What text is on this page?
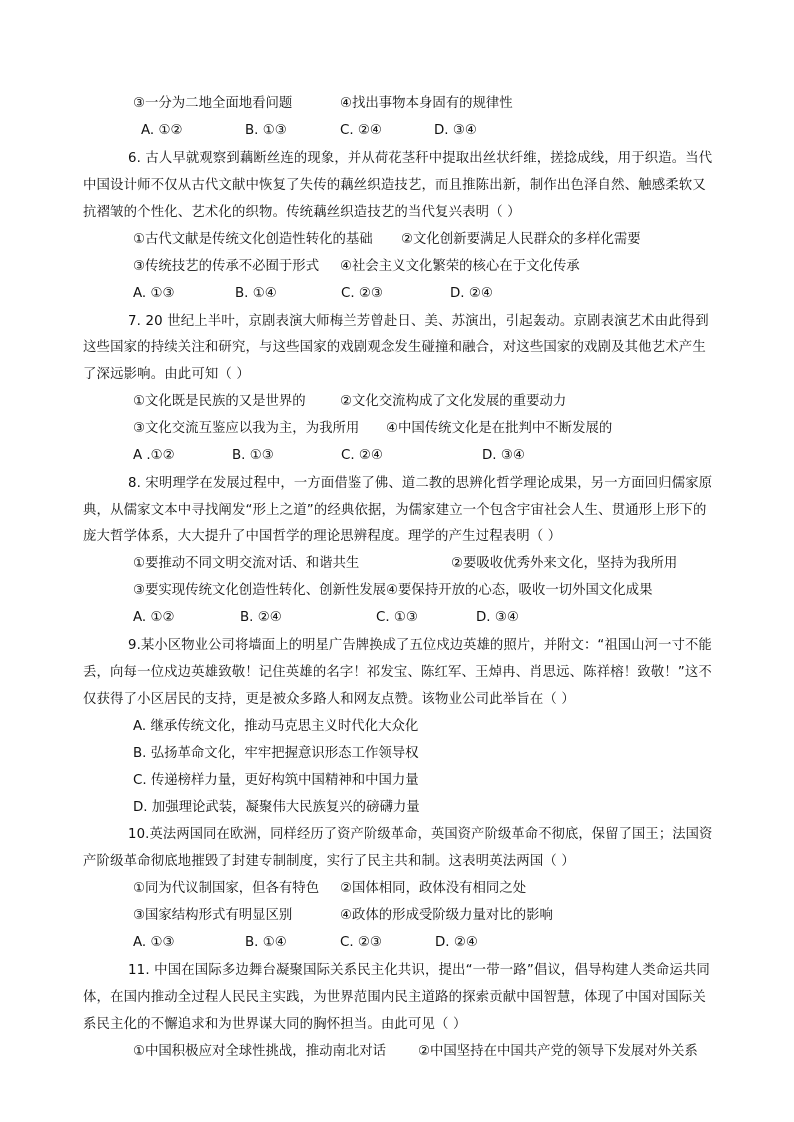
③一分为二地全面地看问题	④找出事物本身固有的规律性
A. ①②	B. ①③	C. ②④	D. ③④
6. 古人早就观察到藕断丝连的现象，并从荷花茎秆中提取出丝状纤维，搓捻成线，用于织造。当代
中国设计师不仅从古代文献中恢复了失传的藕丝织造技艺，而且推陈出新，制作出色泽自然、触感柔软又
抗褶皱的个性化、艺术化的织物。传统藕丝织造技艺的当代复兴表明（ ）
①古代文献是传统文化创造性转化的基础 ②文化创新要满足人民群众的多样化需要
③传统技艺的传承不必囿于形式 ④社会主义文化繁荣的核心在于文化传承
A. ①③	B. ①④	C. ②③	D. ②④
7. 20 世纪上半叶，京剧表演大师梅兰芳曾赴日、美、苏演出，引起轰动。京剧表演艺术由此得到
这些国家的持续关注和研究，与这些国家的戏剧观念发生碰撞和融合，对这些国家的戏剧及其他艺术产生
了深远影响。由此可知（ ）
①文化既是民族的又是世界的	②文化交流构成了文化发展的重要动力
③文化交流互鉴应以我为主，为我所用 ④中国传统文化是在批判中不断发展的
A .①②	B. ①③	C. ②④	D. ③④
8. 宋明理学在发展过程中，一方面借鉴了佛、道二教的思辨化哲学理论成果，另一方面回归儒家原
典，从儒家文本中寻找阐发“形上之道”的经典依据，为儒家建立一个包含宇宙社会人生、贯通形上形下的
庞大哲学体系，大大提升了中国哲学的理论思辨程度。理学的产生过程表明（ ）
①要推动不同文明交流对话、和谐共生	②要吸收优秀外来文化，坚持为我所用
③要实现传统文化创造性转化、创新性发展④要保持开放的心态，吸收一切外国文化成果
A. ①②	B. ②④	C. ①③	D. ③④
9.某小区物业公司将墙面上的明星广告牌换成了五位戍边英雄的照片，并附文：“祖国山河一寸不能
丢，向每一位戍边英雄致敬！记住英雄的名字！祁发宝、陈红军、王焯冉、肖思远、陈祥榕！致敬！”这不
仅获得了小区居民的支持，更是被众多路人和网友点赞。该物业公司此举旨在（ ）
A. 继承传统文化，推动马克思主义时代化大众化
B. 弘扬革命文化，牢牢把握意识形态工作领导权
C. 传递榜样力量，更好构筑中国精神和中国力量
D. 加强理论武装，凝聚伟大民族复兴的磅礴力量
10.英法两国同在欧洲，同样经历了资产阶级革命，英国资产阶级革命不彻底，保留了国王；法国资
产阶级革命彻底地摧毁了封建专制制度，实行了民主共和制。这表明英法两国（ ）
①同为代议制国家，但各有特色 ②国体相同，政体没有相同之处
③国家结构形式有明显区别	④政体的形成受阶级力量对比的影响
A. ①③	B. ①④	C. ②③	D. ②④
11. 中国在国际多边舞台凝聚国际关系民主化共识，提出“一带一路”倡议，倡导构建人类命运共同
体，在国内推动全过程人民民主实践，为世界范围内民主道路的探索贡献中国智慧，体现了中国对国际关
系民主化的不懈追求和为世界谋大同的胸怀担当。由此可见（ ）
①中国积极应对全球性挑战，推动南北对话 ②中国坚持在中国共产党的领导下发展对外关系
